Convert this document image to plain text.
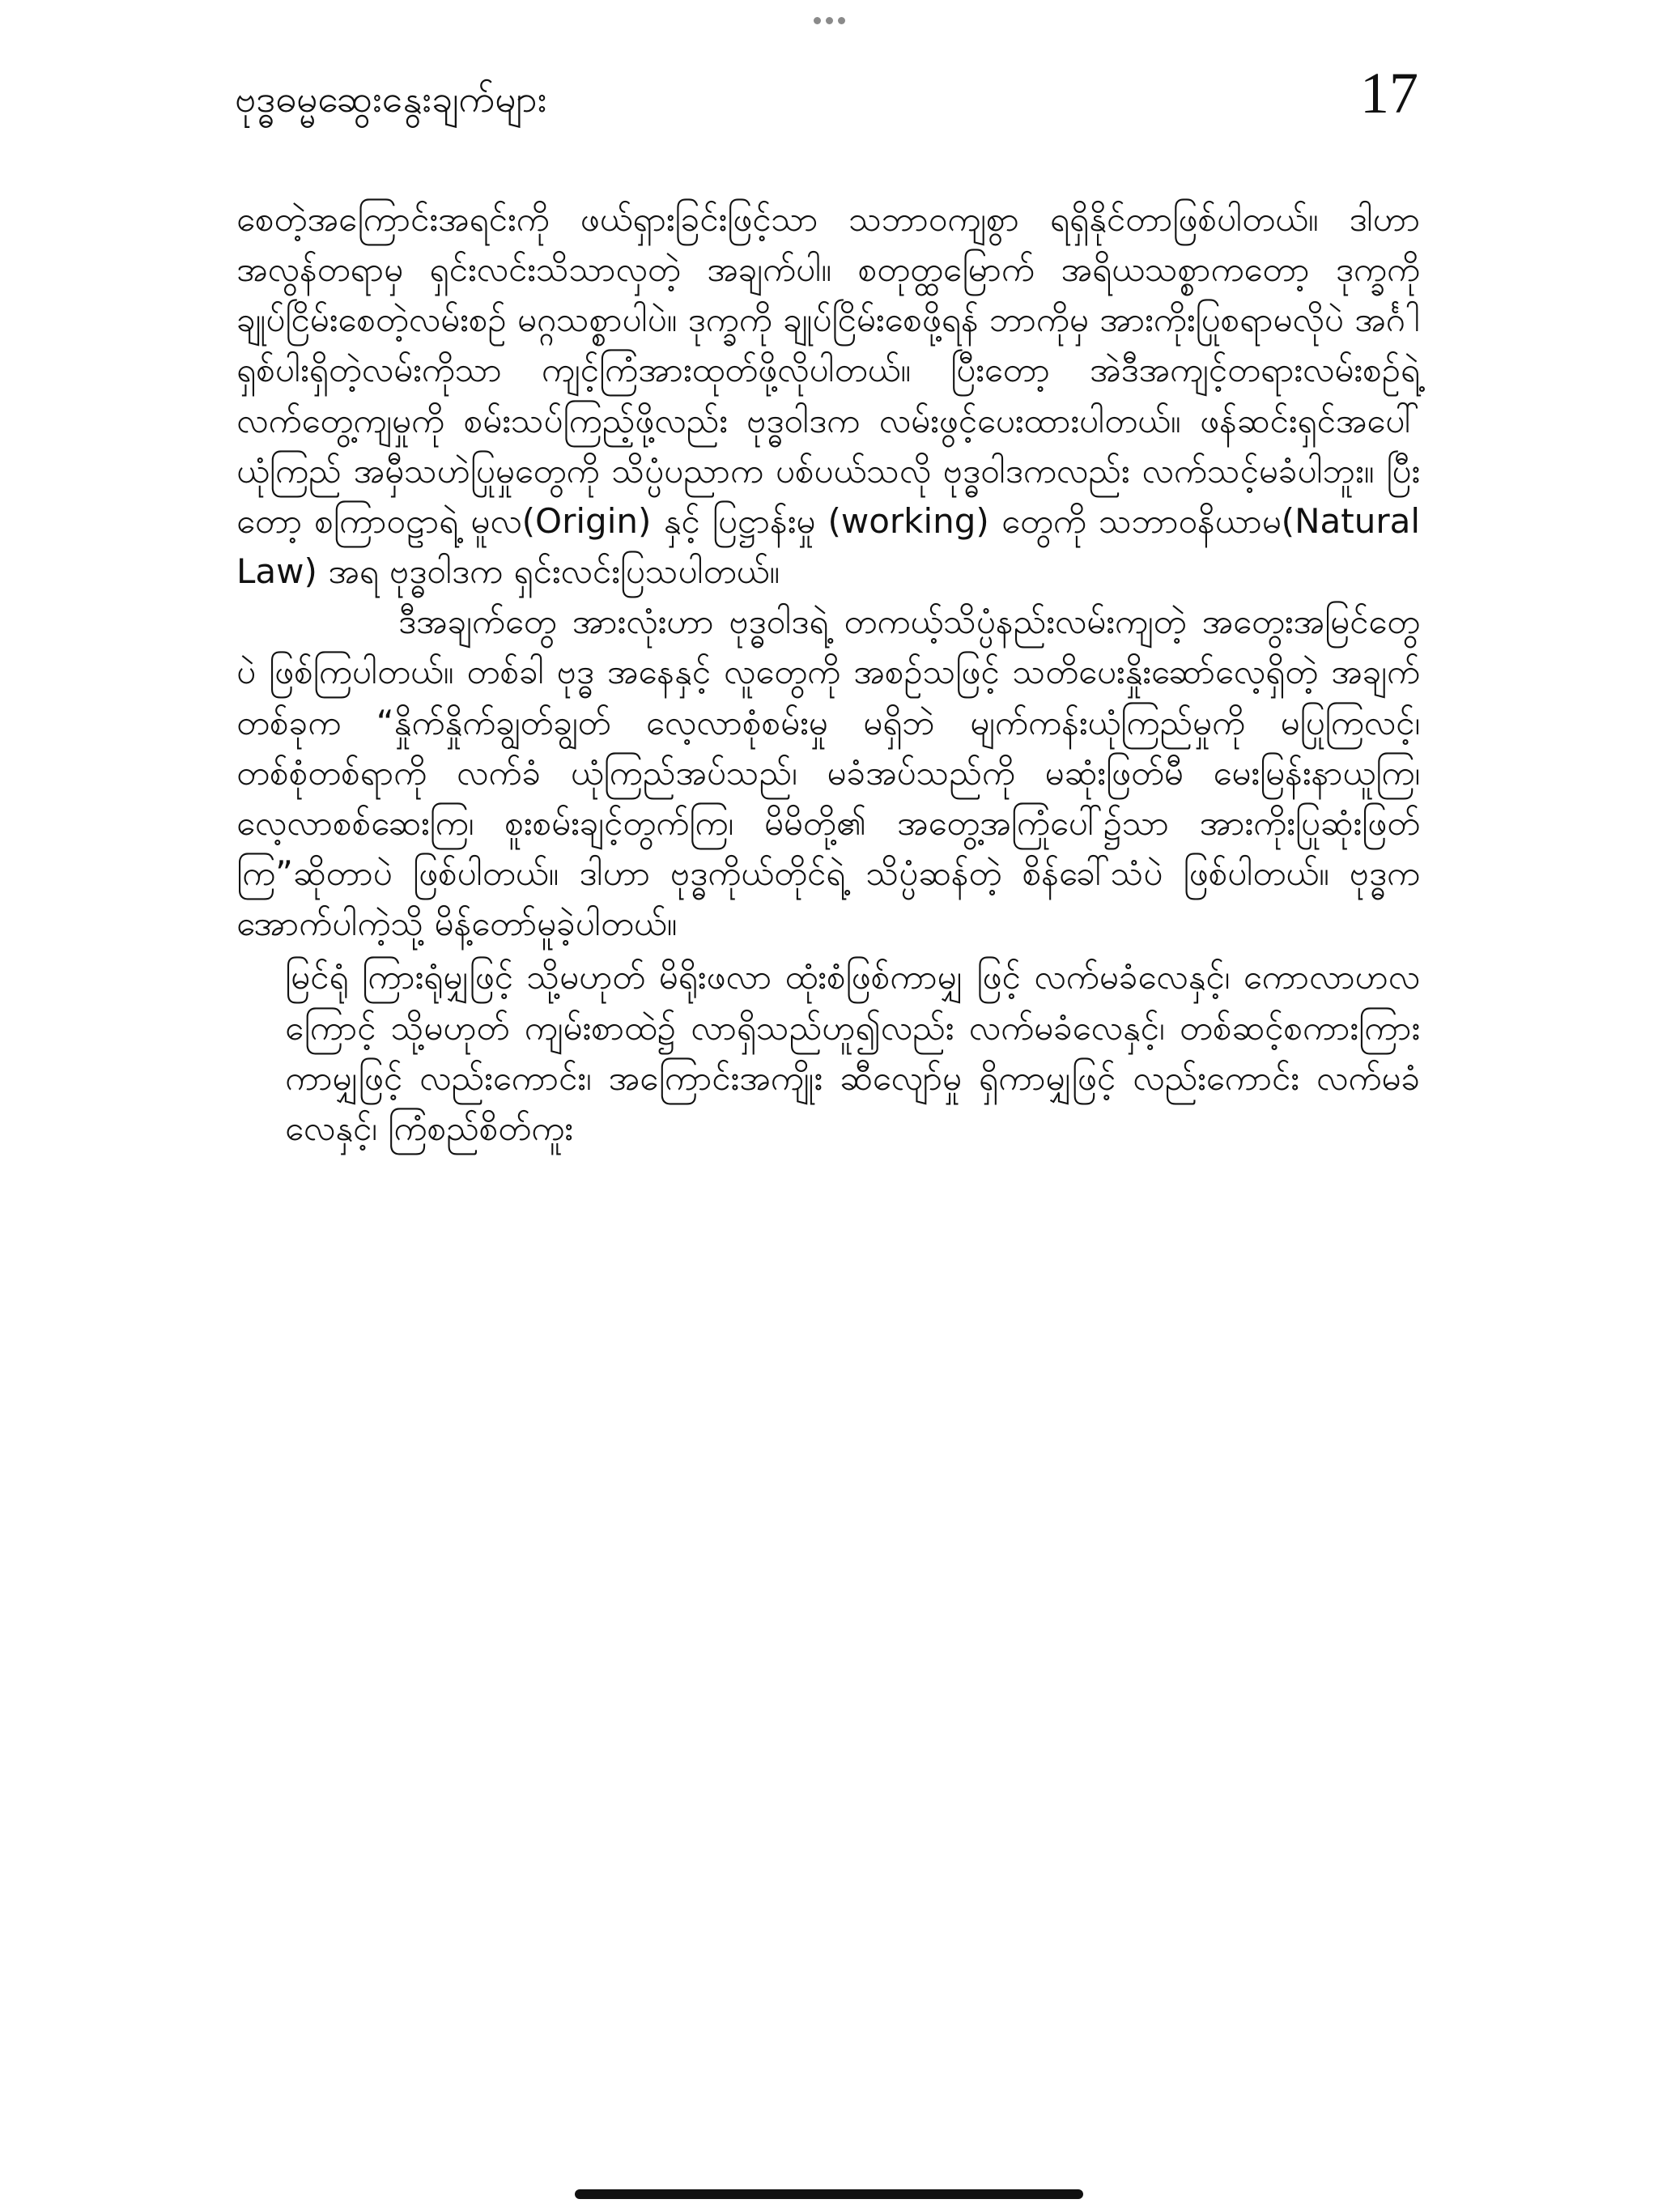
ဗုဒ္ဓဓမ္မဆွေးနွေးချက်များ	17

စေတဲ့အကြောင်းအရင်းကို ဖယ်ရှားခြင်းဖြင့်သာ သဘာဝကျစွာ ရရှိနိုင်တာဖြစ်ပါတယ်။ ဒါဟာ အလွန်တရာမှ ရှင်းလင်းသိသာလှတဲ့ အချက်ပါ။ စတုတ္ထမြောက် အရိယသစ္စာကတော့ ဒုက္ခကို ချုပ်ငြိမ်းစေတဲ့လမ်းစဉ် မဂ္ဂသစ္စာပါပဲ။ ဒုက္ခကို ချုပ်ငြိမ်းစေဖို့ရန် ဘာကိုမှ အားကိုးပြုစရာမလိုပဲ အင်္ဂါရှစ်ပါးရှိတဲ့လမ်းကိုသာ ကျင့်ကြံအားထုတ်ဖို့လိုပါတယ်။ ပြီးတော့ အဲဒီအကျင့်တရားလမ်းစဉ်ရဲ့ လက်တွေ့ကျမှုကို စမ်းသပ်ကြည့်ဖို့လည်း ဗုဒ္ဓဝါဒက လမ်းဖွင့်ပေးထားပါတယ်။ ဖန်ဆင်းရှင်အပေါ် ယုံကြည် အမှီသဟဲပြုမှုတွေကို သိပ္ပံပညာက ပစ်ပယ်သလို ဗုဒ္ဓဝါဒကလည်း လက်သင့်မခံပါဘူး။ ပြီးတော့ စကြာဝဠာရဲ့ မူလ(Origin) နှင့် ပြဋ္ဌာန်းမှု (working) တွေကို သဘာဝနိယာမ(Natural Law) အရ ဗုဒ္ဓဝါဒက ရှင်းလင်းပြသပါတယ်။

ဒီအချက်တွေ အားလုံးဟာ ဗုဒ္ဓဝါဒရဲ့ တကယ့်သိပ္ပံနည်းလမ်းကျတဲ့ အတွေးအမြင်တွေပဲ ဖြစ်ကြပါတယ်။ တစ်ခါ ဗုဒ္ဓ အနေနှင့် လူတွေကို အစဉ်သဖြင့် သတိပေးနှိုးဆော်လေ့ရှိတဲ့ အချက်တစ်ခုက “နှိုက်နှိုက်ချွတ်ချွတ် လေ့လာစုံစမ်းမှု မရှိဘဲ မျက်ကန်းယုံကြည်မှုကို မပြုကြလင့်၊ တစ်စုံတစ်ရာကို လက်ခံ ယုံကြည်အပ်သည်၊ မခံအပ်သည်ကို မဆုံးဖြတ်မီ မေးမြန်းနာယူကြ၊ လေ့လာစစ်ဆေးကြ၊ စူးစမ်းချင့်တွက်ကြ၊ မိမိတို့၏ အတွေ့အကြုံပေါ်၌သာ အားကိုးပြုဆုံးဖြတ်ကြ”ဆိုတာပဲ ဖြစ်ပါတယ်။ ဒါဟာ ဗုဒ္ဓကိုယ်တိုင်ရဲ့ သိပ္ပံဆန်တဲ့ စိန်ခေါ်သံပဲ ဖြစ်ပါတယ်။ ဗုဒ္ဓက အောက်ပါကဲ့သို့ မိန့်တော်မူခဲ့ပါတယ်။

မြင်ရုံ ကြားရုံမျှဖြင့် သို့မဟုတ် မိရိုးဖလာ ထုံးစံဖြစ်ကာမျှ ဖြင့် လက်မခံလေနှင့်၊ ကောလာဟလကြောင့် သို့မဟုတ် ကျမ်းစာထဲ၌ လာရှိသည်ဟူ၍လည်း လက်မခံလေနှင့်၊ တစ်ဆင့်စကားကြားကာမျှဖြင့် လည်းကောင်း၊ အကြောင်းအကျိုး ဆီလျော်မှု ရှိကာမျှဖြင့် လည်းကောင်း လက်မခံလေနှင့်၊ ကြံစည်စိတ်ကူး
